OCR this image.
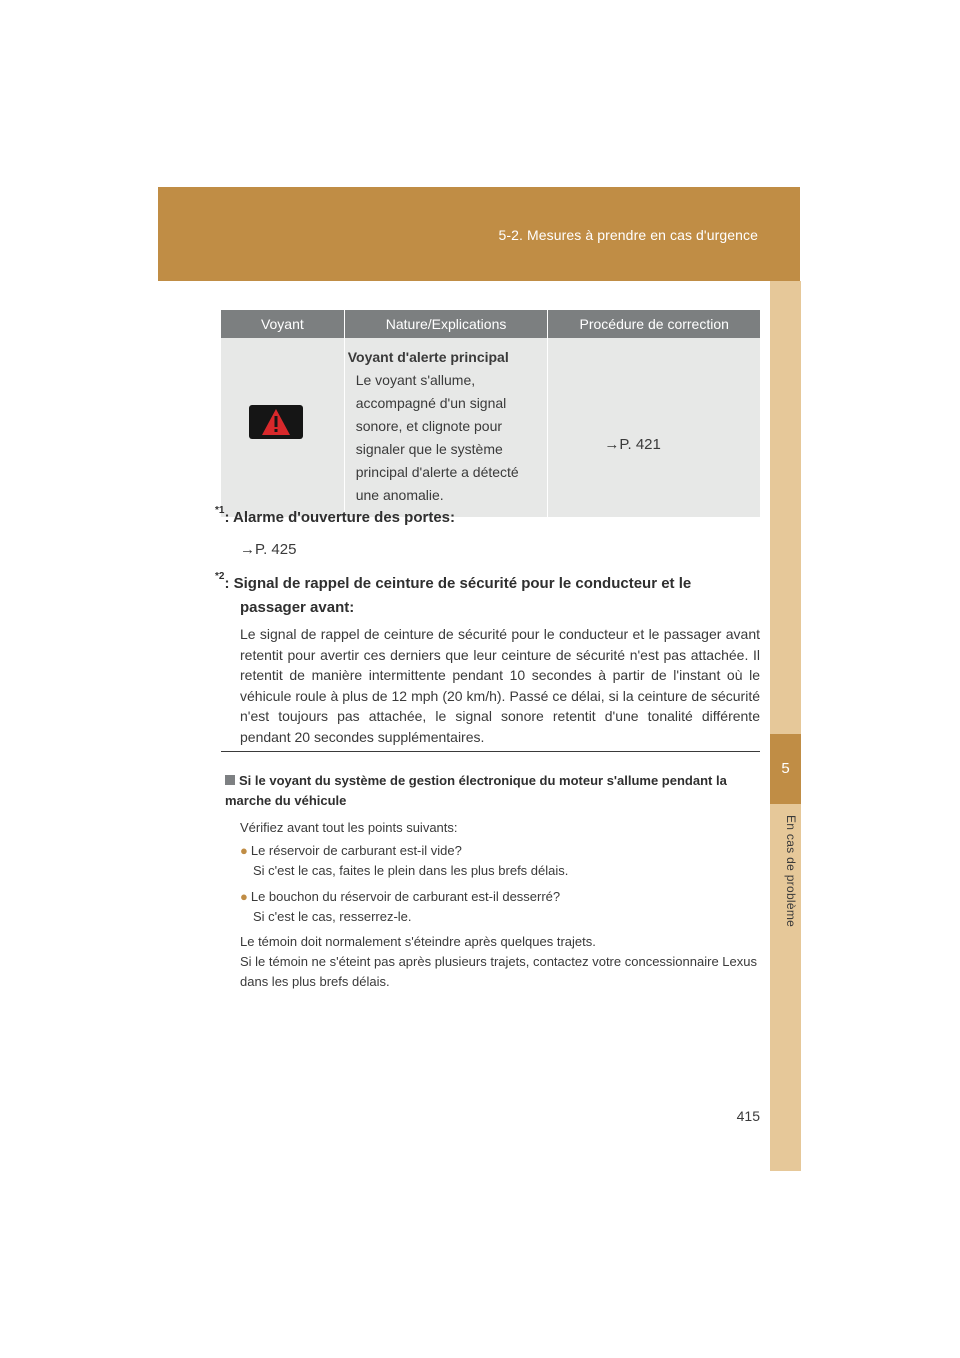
5-2. Mesures à prendre en cas d'urgence
5
En cas de problème
Voyant	Nature/Explications	Procédure de correction

Voyant d'alerte principal
Le voyant s'allume, accompagné d'un signal sonore, et clignote pour signaler que le système principal d'alerte a détecté une anomalie.	→P. 421
$^{*1}$: Alarme d'ouverture des portes:
→P. 425
$^{*2}$: Signal de rappel de ceinture de sécurité pour le conducteur et le
passager avant:
Le signal de rappel de ceinture de sécurité pour le conducteur et le passager avant retentit pour avertir ces derniers que leur ceinture de sécurité n'est pas attachée. Il retentit de manière intermittente pendant 10 secondes à partir de l'instant où le véhicule roule à plus de 12 mph (20 km/h). Passé ce délai, si la ceinture de sécurité n'est toujours pas attachée, le signal sonore retentit d'une tonalité différente pendant 20 secondes supplémentaires.
Si le voyant du système de gestion électronique du moteur s'allume pendant la marche du véhicule
Vérifiez avant tout les points suivants:
● Le réservoir de carburant est-il vide?
Si c'est le cas, faites le plein dans les plus brefs délais.
● Le bouchon du réservoir de carburant est-il desserré?
Si c'est le cas, resserrez-le.
Le témoin doit normalement s'éteindre après quelques trajets.
Si le témoin ne s'éteint pas après plusieurs trajets, contactez votre concessionnaire Lexus dans les plus brefs délais.
415
